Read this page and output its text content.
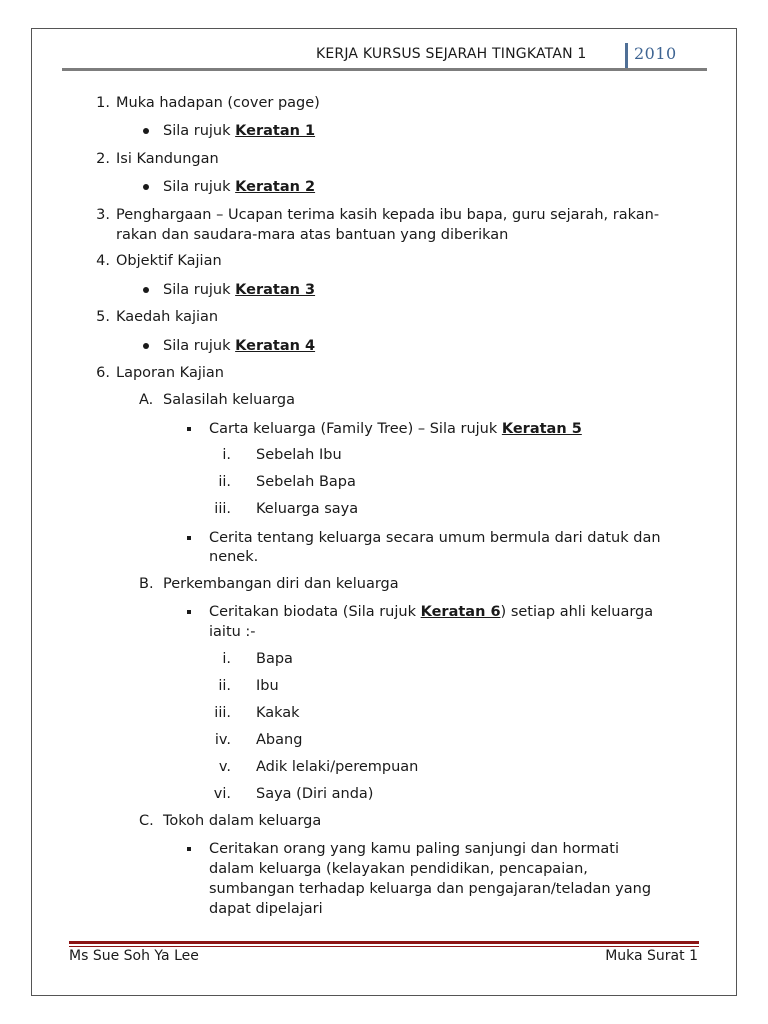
KERJA KURSUS SEJARAH TINGKATAN 1	2010
1. Muka hadapan (cover page)
Sila rujuk Keratan 1
2. Isi Kandungan
Sila rujuk Keratan 2
3. Penghargaan – Ucapan terima kasih kepada ibu bapa, guru sejarah, rakan-
rakan dan saudara-mara atas bantuan yang diberikan
4. Objektif Kajian
Sila rujuk Keratan 3
5. Kaedah kajian
Sila rujuk Keratan 4
6. Laporan Kajian
A. Salasilah keluarga
Carta keluarga (Family Tree) – Sila rujuk Keratan 5
i. Sebelah Ibu
ii. Sebelah Bapa
iii. Keluarga saya
Cerita tentang keluarga secara umum bermula dari datuk dan
nenek.
B. Perkembangan diri dan keluarga
Ceritakan biodata (Sila rujuk Keratan 6) setiap ahli keluarga
iaitu :-
i. Bapa
ii. Ibu
iii. Kakak
iv. Abang
v. Adik lelaki/perempuan
vi. Saya (Diri anda)
C. Tokoh dalam keluarga
Ceritakan orang yang kamu paling sanjungi dan hormati
dalam keluarga (kelayakan pendidikan, pencapaian,
sumbangan terhadap keluarga dan pengajaran/teladan yang
dapat dipelajari
Ms Sue Soh Ya Lee	Muka Surat 1
